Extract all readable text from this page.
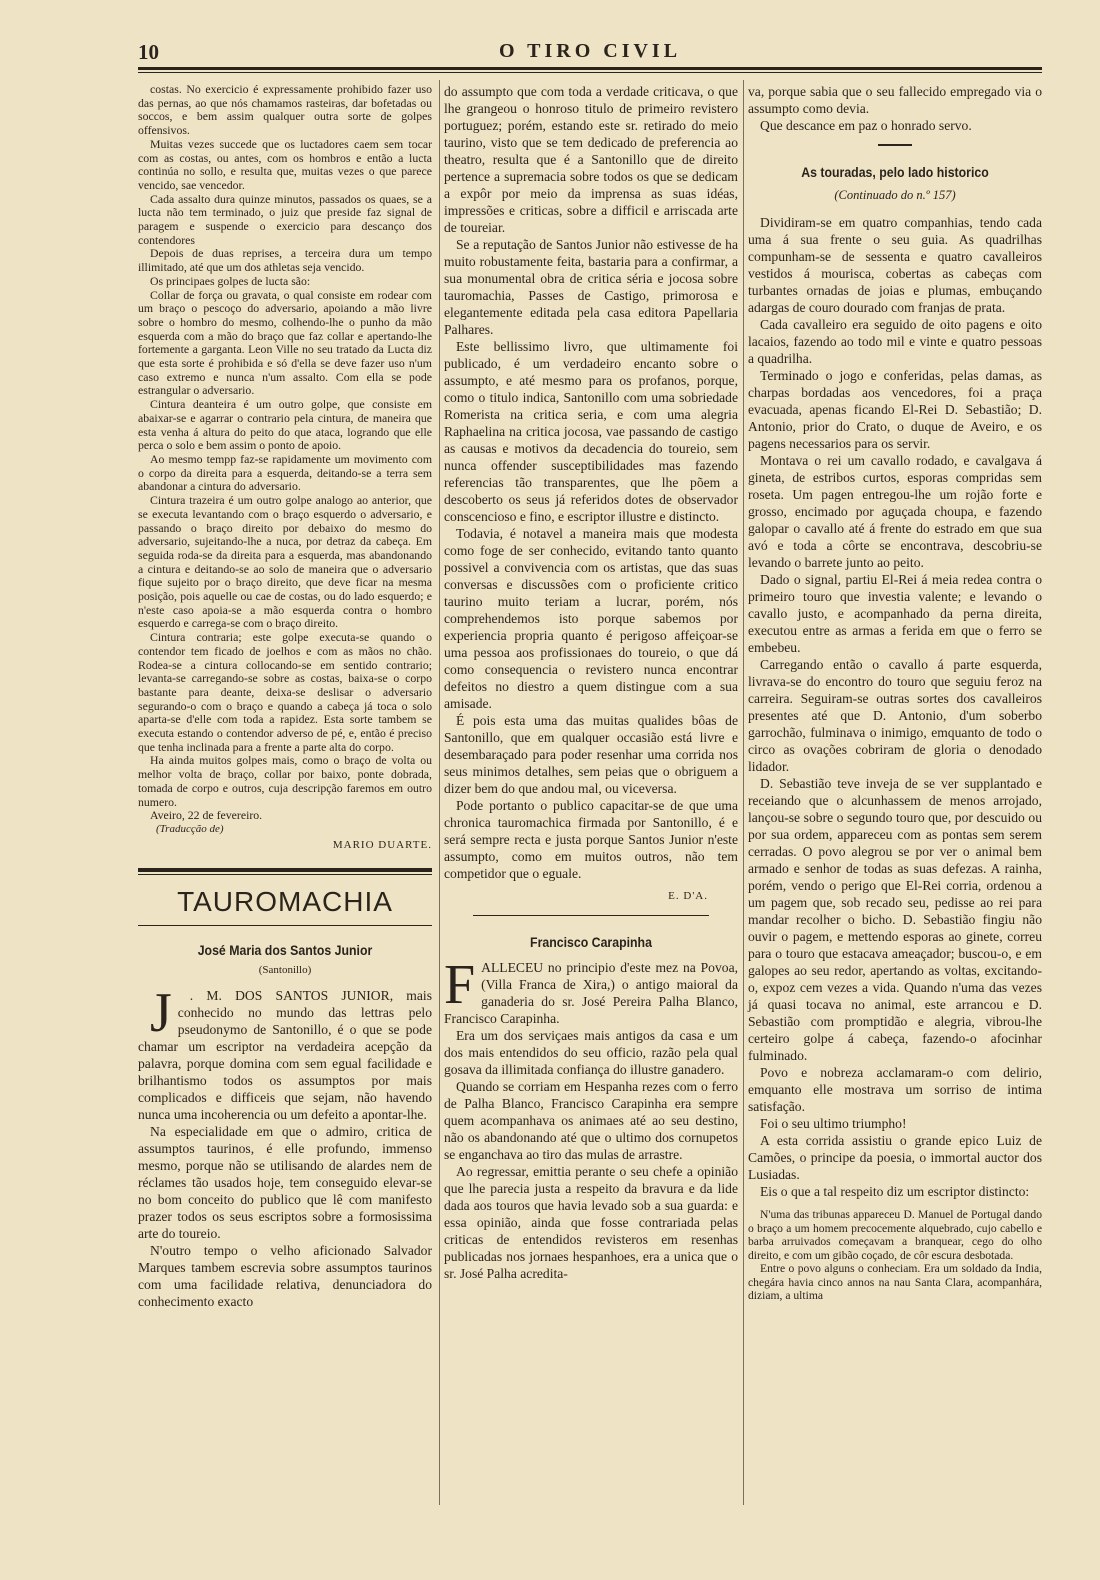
10	O TIRO CIVIL

costas. No exercicio é expressamente prohibido fazer uso das pernas, ao que nós chamamos rasteiras, dar bofetadas ou soccos, e bem assim qualquer outra sorte de golpes offensivos.

Muitas vezes succede que os luctadores caem sem tocar com as costas, ou antes, com os hombros e então a lucta continúa no sollo, e resulta que, muitas vezes o que parece vencido, sae vencedor.

Cada assalto dura quinze minutos, passados os quaes, se a lucta não tem terminado, o juiz que preside faz signal de paragem e suspende o exercicio para descanço dos contendores

Depois de duas reprises, a terceira dura um tempo illimitado, até que um dos athletas seja vencido.

Os principaes golpes de lucta são:

Collar de força ou gravata, o qual consiste em rodear com um braço o pescoço do adversario, apoiando a mão livre sobre o hombro do mesmo, colhendo-lhe o punho da mão esquerda com a mão do braço que faz collar e apertando-lhe fortemente a garganta. Leon Ville no seu tratado da Lucta diz que esta sorte é prohibida e só d'ella se deve fazer uso n'um caso extremo e nunca n'um assalto. Com ella se pode estrangular o adversario.

Cintura deanteira é um outro golpe, que consiste em abaixar-se e agarrar o contrario pela cintura, de maneira que esta venha á altura do peito do que ataca, logrando que elle perca o solo e bem assim o ponto de apoio.

Ao mesmo tempp faz-se rapidamente um movimento com o corpo da direita para a esquerda, deitando-se a terra sem abandonar a cintura do adversario.

Cintura trazeira é um outro golpe analogo ao anterior, que se executa levantando com o braço esquerdo o adversario, e passando o braço direito por debaixo do mesmo do adversario, sujeitando-lhe a nuca, por detraz da cabeça. Em seguida roda-se da direita para a esquerda, mas abandonando a cintura e deitando-se ao solo de maneira que o adversario fique sujeito por o braço direito, que deve ficar na mesma posição, pois aquelle ou cae de costas, ou do lado esquerdo; e n'este caso apoia-se a mão esquerda contra o hombro esquerdo e carrega-se com o braço direito.

Cintura contraria; este golpe executa-se quando o contendor tem ficado de joelhos e com as mãos no chão. Rodea-se a cintura collocando-se em sentido contrario; levanta-se carregando-se sobre as costas, baixa-se o corpo bastante para deante, deixa-se deslisar o adversario segurando-o com o braço e quando a cabeça já toca o solo aparta-se d'elle com toda a rapidez. Esta sorte tambem se executa estando o contendor adverso de pé, e, então é preciso que tenha inclinada para a frente a parte alta do corpo.

Ha ainda muitos golpes mais, como o braço de volta ou melhor volta de braço, collar por baixo, ponte dobrada, tomada de corpo e outros, cuja descripção faremos em outro numero.

Aveiro, 22 de fevereiro.

(Traducção de)
MARIO DUARTE.
TAUROMACHIA
José Maria dos Santos Junior
(Santonillo)

J . M. DOS SANTOS JUNIOR, mais conhecido no mundo das lettras pelo pseudonymo de Santonillo, é o que se pode chamar um escriptor na verdadeira acepção da palavra, porque domina com sem egual facilidade e brilhantismo todos os assumptos por mais complicados e difficeis que sejam, não havendo nunca uma incoherencia ou um defeito a apontar-lhe.

Na especialidade em que o admiro, critica de assumptos taurinos, é elle profundo, immenso mesmo, porque não se utilisando de alardes nem de réclames tão usados hoje, tem conseguido elevar-se no bom conceito do publico que lê com manifesto prazer todos os seus escriptos sobre a formosissima arte do toureio.

N'outro tempo o velho aficionado Salvador Marques tambem escrevia sobre assumptos taurinos com uma facilidade relativa, denunciadora do conhecimento exacto

do assumpto que com toda a verdade criticava, o que lhe grangeou o honroso titulo de primeiro revistero portuguez; porém, estando este sr. retirado do meio taurino, visto que se tem dedicado de preferencia ao theatro, resulta que é a Santonillo que de direito pertence a supremacia sobre todos os que se dedicam a expôr por meio da imprensa as suas idéas, impressões e criticas, sobre a difficil e arriscada arte de toureiar.

Se a reputação de Santos Junior não estivesse de ha muito robustamente feita, bastaria para a confirmar, a sua monumental obra de critica séria e jocosa sobre tauromachia, Passes de Castigo, primorosa e elegantemente editada pela casa editora Papellaria Palhares.

Este bellissimo livro, que ultimamente foi publicado, é um verdadeiro encanto sobre o assumpto, e até mesmo para os profanos, porque, como o titulo indica, Santonillo com uma sobriedade Romerista na critica seria, e com uma alegria Raphaelina na critica jocosa, vae passando de castigo as causas e motivos da decadencia do toureio, sem nunca offender susceptibilidades mas fazendo referencias tão transparentes, que lhe põem a descoberto os seus já referidos dotes de observador conscencioso e fino, e escriptor illustre e distincto.

Todavia, é notavel a maneira mais que modesta como foge de ser conhecido, evitando tanto quanto possivel a convivencia com os artistas, que das suas conversas e discussões com o proficiente critico taurino muito teriam a lucrar, porém, nós comprehendemos isto porque sabemos por experiencia propria quanto é perigoso affeiçoar-se uma pessoa aos profissionaes do toureio, o que dá como consequencia o revistero nunca encontrar defeitos no diestro a quem distingue com a sua amisade.

É pois esta uma das muitas qualides bôas de Santonillo, que em qualquer occasião está livre e desembaraçado para poder resenhar uma corrida nos seus minimos detalhes, sem peias que o obriguem a dizer bem do que andou mal, ou viceversa.

Pode portanto o publico capacitar-se de que uma chronica tauromachica firmada por Santonillo, é e será sempre recta e justa porque Santos Junior n'este assumpto, como em muitos outros, não tem competidor que o eguale.

E. D'A.
Francisco Carapinha

FALLECEU no principio d'este mez na Povoa, (Villa Franca de Xira,) o antigo maioral da ganaderia do sr. José Pereira Palha Blanco, Francisco Carapinha.

Era um dos serviçaes mais antigos da casa e um dos mais entendidos do seu officio, razão pela qual gosava da illimitada confiança do illustre ganadero.

Quando se corriam em Hespanha rezes com o ferro de Palha Blanco, Francisco Carapinha era sempre quem acompanhava os animaes até ao seu destino, não os abandonando até que o ultimo dos cornupetos se enganchava ao tiro das mulas de arrastre.

Ao regressar, emittia perante o seu chefe a opinião que lhe parecia justa a respeito da bravura e da lide dada aos touros que havia levado sob a sua guarda: e essa opinião, ainda que fosse contrariada pelas criticas de entendidos revisteros em resenhas publicadas nos jornaes hespanhoes, era a unica que o sr. José Palha acredita-

va, porque sabia que o seu fallecido empregado via o assumpto como devia.

Que descance em paz o honrado servo.

As touradas, pelo lado historico
(Continuado do n.º 157)

Dividiram-se em quatro companhias, tendo cada uma á sua frente o seu guia. As quadrilhas compunham-se de sessenta e quatro cavalleiros vestidos á mourisca, cobertas as cabeças com turbantes ornadas de joias e plumas, embuçando adargas de couro dourado com franjas de prata.

Cada cavalleiro era seguido de oito pagens e oito lacaios, fazendo ao todo mil e vinte e quatro pessoas a quadrilha.

Terminado o jogo e conferidas, pelas damas, as charpas bordadas aos vencedores, foi a praça evacuada, apenas ficando El-Rei D. Sebastião; D. Antonio, prior do Crato, o duque de Aveiro, e os pagens necessarios para os servir.

Montava o rei um cavallo rodado, e cavalgava á gineta, de estribos curtos, esporas compridas sem roseta. Um pagen entregou-lhe um rojão forte e grosso, encimado por aguçada choupa, e fazendo galopar o cavallo até á frente do estrado em que sua avó e toda a côrte se encontrava, descobriu-se levando o barrete junto ao peito.

Dado o signal, partiu El-Rei á meia redea contra o primeiro touro que investia valente; e levando o cavallo justo, e acompanhado da perna direita, executou entre as armas a ferida em que o ferro se embebeu.

Carregando então o cavallo á parte esquerda, livrava-se do encontro do touro que seguiu feroz na carreira. Seguiram-se outras sortes dos cavalleiros presentes até que D. Antonio, d'um soberbo garrochão, fulminava o inimigo, emquanto de todo o circo as ovações cobriram de gloria o denodado lidador.

D. Sebastião teve inveja de se ver supplantado e receiando que o alcunhassem de menos arrojado, lançou-se sobre o segundo touro que, por descuido ou por sua ordem, appareceu com as pontas sem serem cerradas. O povo alegrou se por ver o animal bem armado e senhor de todas as suas defezas. A rainha, porém, vendo o perigo que El-Rei corria, ordenou a um pagem que, sob recado seu, pedisse ao rei para mandar recolher o bicho. D. Sebastião fingiu não ouvir o pagem, e mettendo esporas ao ginete, correu para o touro que estacava ameaçador; buscou-o, e em galopes ao seu redor, apertando as voltas, excitando-o, expoz cem vezes a vida. Quando n'uma das vezes já quasi tocava no animal, este arrancou e D. Sebastião com promptidão e alegria, vibrou-lhe certeiro golpe á cabeça, fazendo-o afocinhar fulminado.

Povo e nobreza acclamaram-o com delirio, emquanto elle mostrava um sorriso de intima satisfação.

Foi o seu ultimo triumpho!

A esta corrida assistiu o grande epico Luiz de Camões, o principe da poesia, o immortal auctor dos Lusiadas.

Eis o que a tal respeito diz um escriptor distincto:

N'uma das tribunas appareceu D. Manuel de Portugal dando o braço a um homem precocemente alquebrado, cujo cabello e barba arruivados começavam a branquear, cego do olho direito, e com um gibão coçado, de côr escura desbotada.

Entre o povo alguns o conheciam. Era um soldado da India, chegára havia cinco annos na nau Santa Clara, acompanhára, diziam, a ultima
